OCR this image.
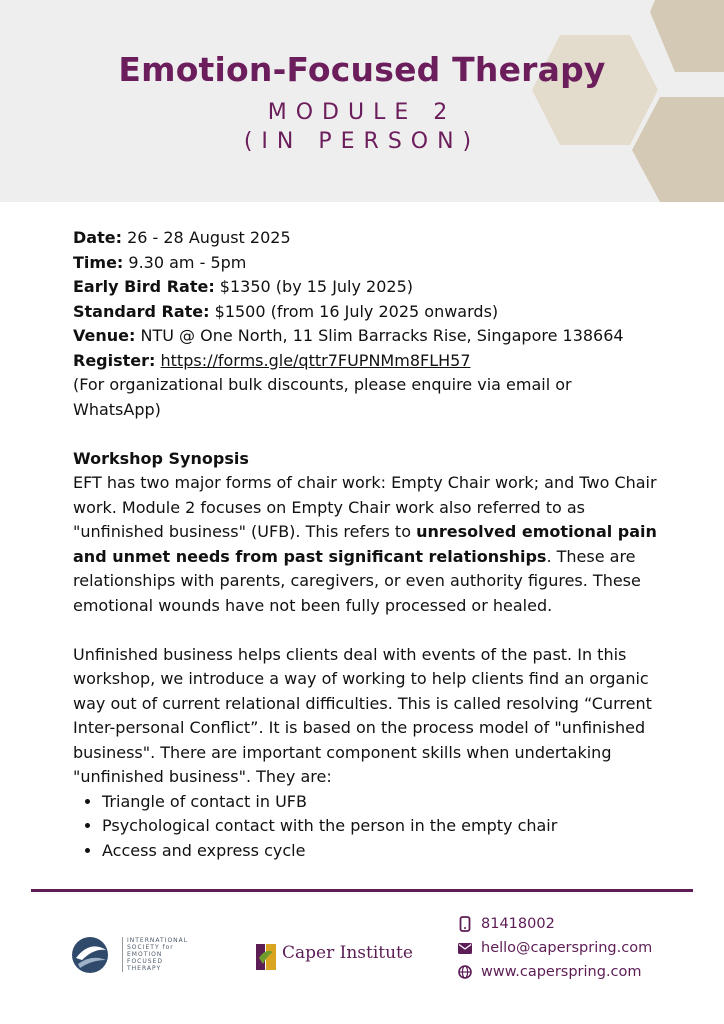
Emotion-Focused Therapy
MODULE 2
(IN PERSON)

Date: 26 - 28 August 2025

Time: 9.30 am - 5pm

Early Bird Rate: $1350 (by 15 July 2025)

Standard Rate: $1500 (from 16 July 2025 onwards)

Venue: NTU @ One North, 11 Slim Barracks Rise, Singapore 138664

Register: https://forms.gle/qttr7FUPNMm8FLH57

(For organizational bulk discounts, please enquire via email or WhatsApp)

Workshop Synopsis

EFT has two major forms of chair work: Empty Chair work; and Two Chair work. Module 2 focuses on Empty Chair work also referred to as "unfinished business" (UFB). This refers to unresolved emotional pain and unmet needs from past significant relationships. These are relationships with parents, caregivers, or even authority figures. These emotional wounds have not been fully processed or healed.

Unfinished business helps clients deal with events of the past. In this workshop, we introduce a way of working to help clients find an organic way out of current relational difficulties. This is called resolving “Current Inter-personal Conflict”. It is based on the process model of "unfinished business". There are important component skills when undertaking "unfinished business". They are:

• Triangle of contact in UFB
• Psychological contact with the person in the empty chair
• Access and express cycle
INTERNATIONAL
SOCIETY for
EMOTION
FOCUSED
THERAPY
Caper Institute
81418002
hello@caperspring.com
www.caperspring.com
